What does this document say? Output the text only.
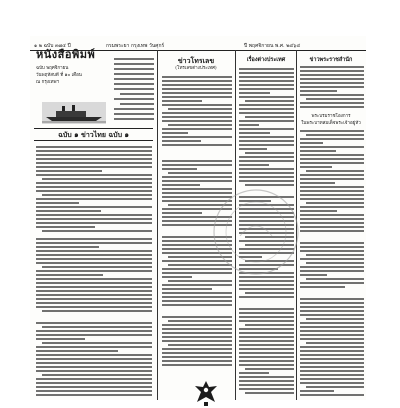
๑ ๒ ฉบับ ๓๗๔ ปี	กรมพระยา กรุงเทพ วันศุกร์	ปี พฤศจิกายน พ.ศ. ๒๔๖๔
หนังสือพิมพ์
ฉบับ พฤศจิกายน
วันพฤหัสบดี ที่ ๑๐ เดือน
ณ กรุงเทพฯ
ฉบับ ๑ ข่าวไทย ฉบับ ๑
ข่าวโทรเลข
(โทรเลขต่างประเทศ)
เรื่องต่างประเทศ	ข่าวพระราชสำนัก
พระบรมราชโองการ
ในพระบาทสมเด็จพระเจ้าอยู่หัว
